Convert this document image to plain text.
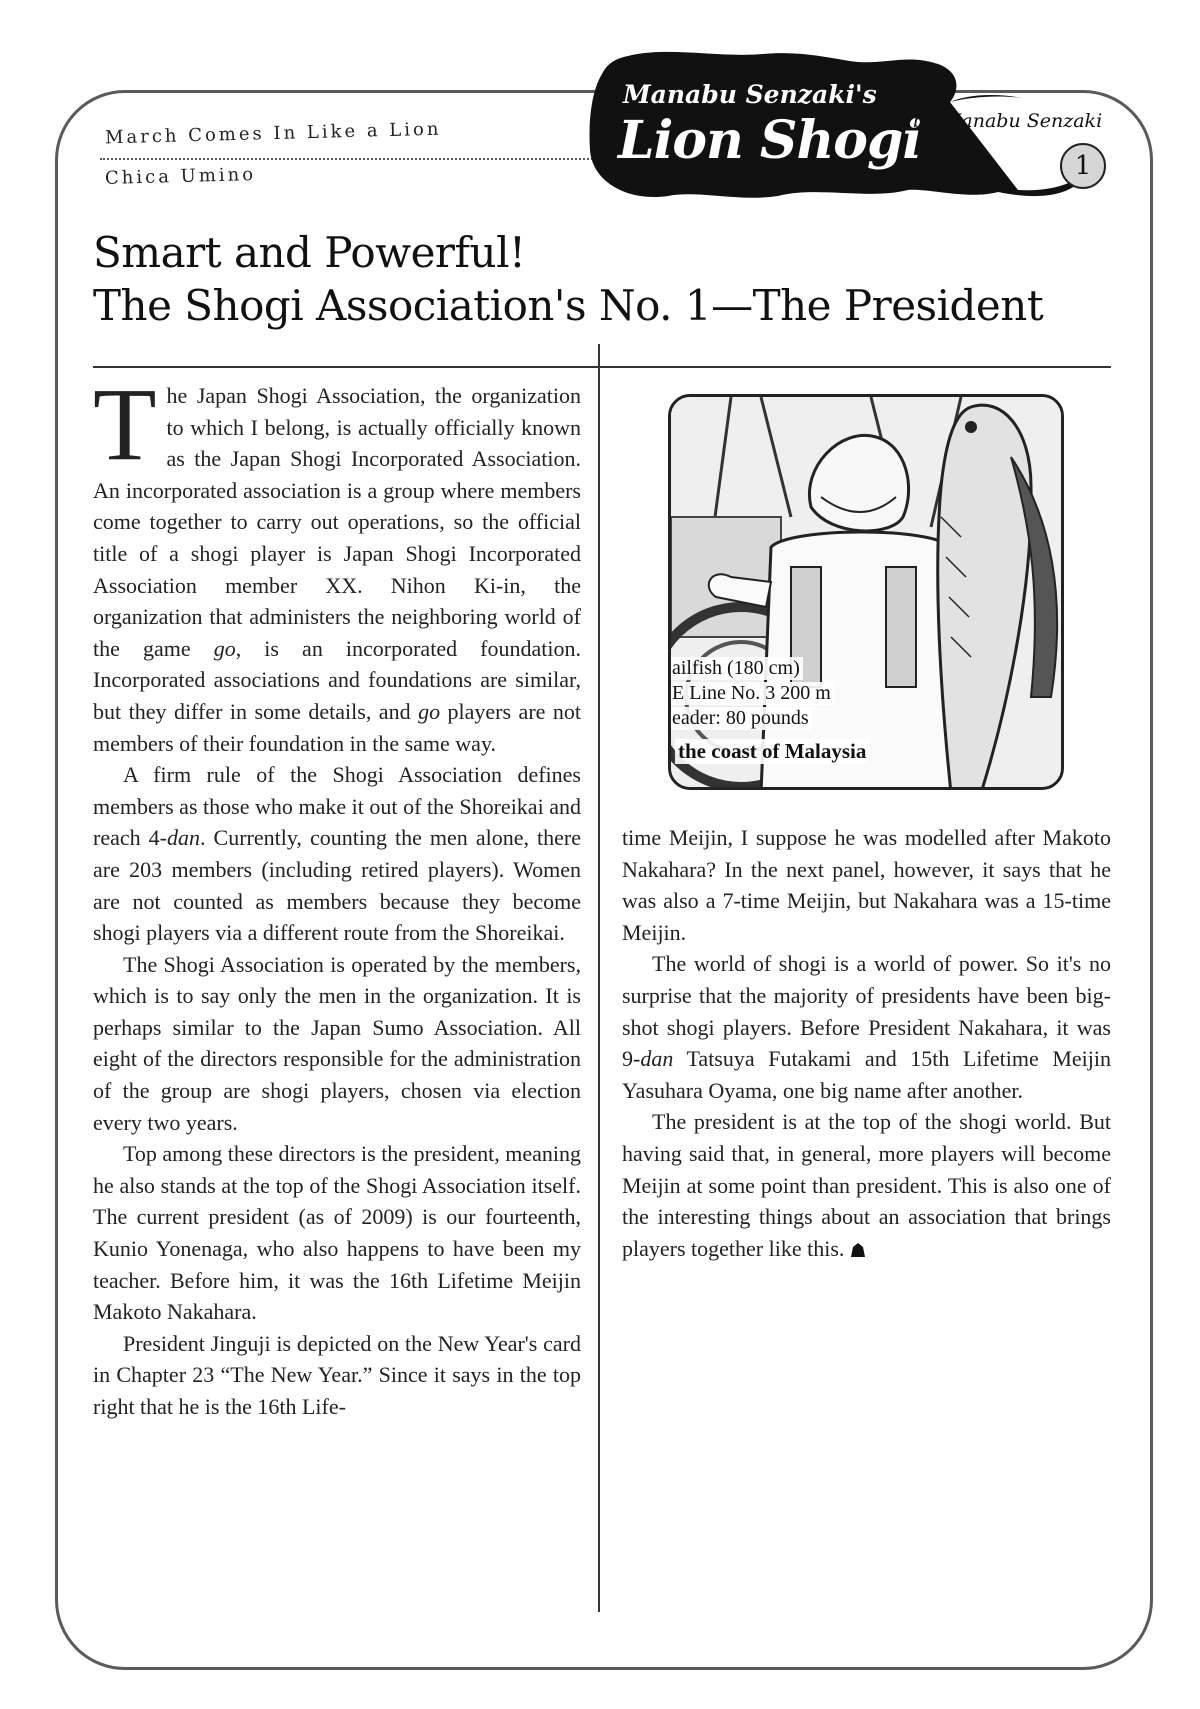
March Comes In Like a Lion
Chica Umino
Manabu Senzaki's
Lion Shogi
by Manabu Senzaki
1
Smart and Powerful!
The Shogi Association's No. 1—The President

The Japan Shogi Association, the organization to which I belong, is actually officially known as the Japan Shogi Incorporated Association. An incorporated association is a group where members come together to carry out operations, so the official title of a shogi player is Japan Shogi Incorporated Association member XX. Nihon Ki-in, the organization that administers the neighboring world of the game go, is an incorporated foundation. Incorporated associations and foundations are similar, but they differ in some details, and go players are not members of their foundation in the same way.

A firm rule of the Shogi Association defines members as those who make it out of the Shoreikai and reach 4-dan. Currently, counting the men alone, there are 203 members (including retired players). Women are not counted as members because they become shogi players via a different route from the Shoreikai.

The Shogi Association is operated by the members, which is to say only the men in the organization. It is perhaps similar to the Japan Sumo Association. All eight of the directors responsible for the administration of the group are shogi players, chosen via election every two years.

Top among these directors is the president, meaning he also stands at the top of the Shogi Association itself. The current president (as of 2009) is our fourteenth, Kunio Yonenaga, who also happens to have been my teacher. Before him, it was the 16th Lifetime Meijin Makoto Nakahara.

President Jinguji is depicted on the New Year's card in Chapter 23 “The New Year.” Since it says in the top right that he is the 16th Life-

ailfish (180 cm)
E Line No. 3 200 m
eader: 80 pounds
the coast of Malaysia

time Meijin, I suppose he was modelled after Makoto Nakahara? In the next panel, however, it says that he was also a 7-time Meijin, but Nakahara was a 15-time Meijin.

The world of shogi is a world of power. So it's no surprise that the majority of presidents have been big-shot shogi players. Before President Nakahara, it was 9-dan Tatsuya Futakami and 15th Lifetime Meijin Yasuhara Oyama, one big name after another.

The president is at the top of the shogi world. But having said that, in general, more players will become Meijin at some point than president. This is also one of the interesting things about an association that brings players together like this.
